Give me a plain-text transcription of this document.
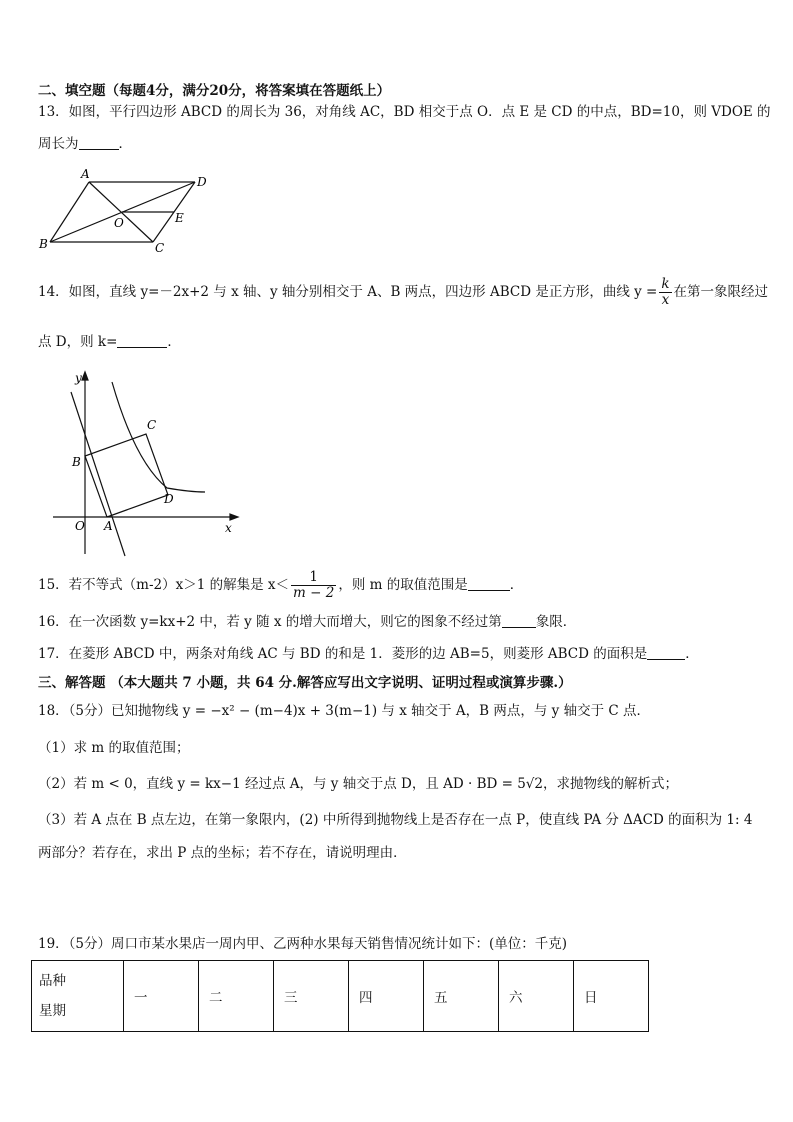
二、填空题（每题4分，满分20分，将答案填在答题纸上）
13．如图，平行四边形 ABCD 的周长为 36，对角线 AC，BD 相交于点 O．点 E 是 CD 的中点，BD=10，则 VDOE 的
周长为	．
A
D
B	C
O	E
14．如图，直线 y=－2x+2 与 x 轴、y 轴分别相交于 A、B 两点，四边形 ABCD 是正方形，曲线 $y = \frac{k}{x}$ 在第一象限经过
点 D，则 k=	．
y
x
O A
B
C
D
15．若不等式（m-2）x＞1 的解集是 $x< \frac{1}{m - 2}$ ，则 m 的取值范围是	．
16．在一次函数 y=kx+2 中，若 y 随 x 的增大而增大，则它的图象不经过第	象限．
17．在菱形 ABCD 中，两条对角线 AC 与 BD 的和是 1．菱形的边 AB=5，则菱形 ABCD 的面积是	．
三、解答题 （本大题共 7 小题，共 64 分.解答应写出文字说明、证明过程或演算步骤.）
18．（5分）已知抛物线 y = −x² − (m−4)x + 3(m−1) 与 x 轴交于 A，B 两点，与 y 轴交于 C 点．
（1）求 m 的取值范围；
（2）若 m < 0，直线 y = kx−1 经过点 A，与 y 轴交于点 D，且 AD · BD = 5√2，求抛物线的解析式；
（3）若 A 点在 B 点左边，在第一象限内，(2) 中所得到抛物线上是否存在一点 P，使直线 PA 分 ΔACD 的面积为 1: 4
两部分？若存在，求出 P 点的坐标；若不存在，请说明理由．
19．（5分）周口市某水果店一周内甲、乙两种水果每天销售情况统计如下：(单位：千克)
品种
星期
	一	二	三	四	五	六	日
